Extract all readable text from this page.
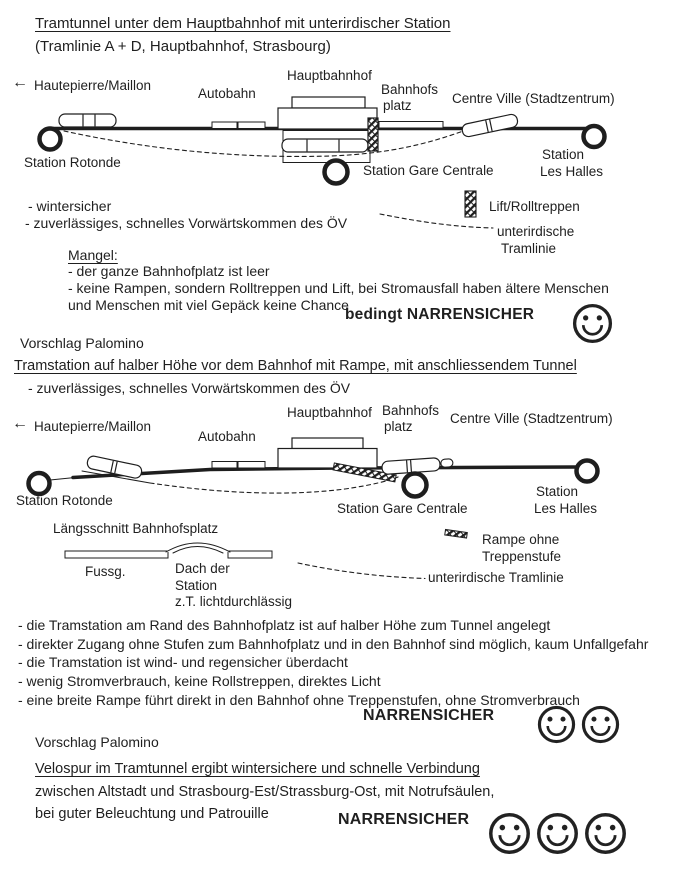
Tramtunnel unter dem Hauptbahnhof mit unterirdischer Station
(Tramlinie A + D, Hauptbahnhof, Strasbourg)
← Hautepierre/Maillon
Autobahn
Hauptbahnhof
Bahnhofs
platz	Centre Ville (Stadtzentrum)
Station Rotonde
Station Gare Centrale
Station
Les Halles
- wintersicher
- zuverlässiges, schnelles Vorwärtskommen des ÖV
Lift/Rolltreppen
unterirdische
Tramlinie
Mangel:
- der ganze Bahnhofplatz ist leer
- keine Rampen, sondern Rolltreppen und Lift, bei Stromausfall haben ältere Menschen
und Menschen mit viel Gepäck keine Chance
bedingt NARRENSICHER
Vorschlag Palomino
Tramstation auf halber Höhe vor dem Bahnhof mit Rampe, mit anschliessendem Tunnel
- zuverlässiges, schnelles Vorwärtskommen des ÖV
← Hautepierre/Maillon
Autobahn
Hauptbahnhof Bahnhofs
platz
Centre Ville (Stadtzentrum)
Station Rotonde
Station Gare Centrale
Station
Les Halles
Längsschnitt Bahnhofsplatz
Fussg.	Dach der
Station
z.T. lichtdurchlässig
Rampe ohne
Treppenstufe
unterirdische Tramlinie
- die Tramstation am Rand des Bahnhofplatz ist auf halber Höhe zum Tunnel angelegt
- direkter Zugang ohne Stufen zum Bahnhofplatz und in den Bahnhof sind möglich, kaum Unfallgefahr
- die Tramstation ist wind- und regensicher überdacht
- wenig Stromverbrauch, keine Rollstreppen, direktes Licht
- eine breite Rampe führt direkt in den Bahnhof ohne Treppenstufen, ohne Stromverbrauch
NARRENSICHER
Vorschlag Palomino
Velospur im Tramtunnel ergibt wintersichere und schnelle Verbindung
zwischen Altstadt und Strasbourg-Est/Strassburg-Ost, mit Notrufsäulen,
bei guter Beleuchtung und Patrouille	NARRENSICHER
